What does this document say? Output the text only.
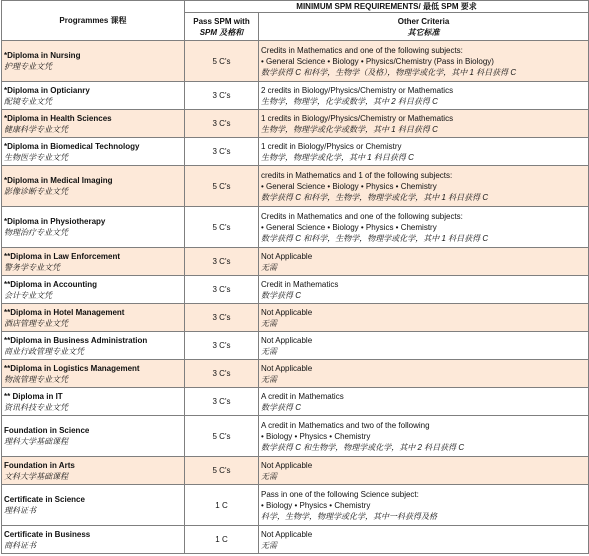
Programmes 课程	MINIMUM SPM REQUIREMENTS/ 最低 SPM 要求	

	Pass SPM with
SPM 及格和	Other Criteria
其它标准

*Diploma in Nursing
护理专业文凭	5 C's	Credits in Mathematics and one of the following subjects:
• General Science • Biology • Physics/Chemistry (Pass in Biology)
数学获得 C 和科学，生物学（及格），物理学或化学，其中 1 科目获得 C

*Diploma in Opticianry
配镜专业文凭	3 C's	2 credits in Biology/Physics/Chemistry or Mathematics
生物学，物理学，化学或数学，其中 2 科目获得 C

*Diploma in Health Sciences
健康科学专业文凭	3 C's	1 credits in Biology/Physics/Chemistry or Mathematics
生物学，物理学或化学或数学，其中 1 科目获得 C

*Diploma in Biomedical Technology
生物医学专业文凭	3 C's	1 credit in Biology/Physics or Chemistry
生物学，物理学或化学，其中 1 科目获得 C

*Diploma in Medical Imaging
影像诊断专业文凭	5 C's	credits in Mathematics and 1 of the following subjects:
• General Science • Biology • Physics • Chemistry
数学获得 C 和科学，生物学，物理学或化学，其中 1 科目获得 C

*Diploma in Physiotherapy
物理治疗专业文凭	5 C's	Credits in Mathematics and one of the following subjects:
• General Science • Biology • Physics • Chemistry
数学获得 C 和科学，生物学，物理学或化学，其中 1 科目获得 C

**Diploma in Law Enforcement
警务学专业文凭	3 C's	Not Applicable
无需

**Diploma in Accounting
会计专业文凭	3 C's	Credit in Mathematics
数学获得 C

**Diploma in Hotel Management
酒店管理专业文凭	3 C's	Not Applicable
无需

**Diploma in Business Administration
商业行政管理专业文凭	3 C's	Not Applicable
无需

**Diploma in Logistics Management
物流管理专业文凭	3 C's	Not Applicable
无需

** Diploma in IT
资讯科技专业文凭	3 C's	A credit in Mathematics
数学获得 C

Foundation in Science
理科大学基础课程	5 C's	A credit in Mathematics and two of the following
• Biology • Physics • Chemistry
数学获得 C 和生物学，物理学或化学，其中 2 科目获得 C

Foundation in Arts
文科大学基础课程	5 C's	Not Applicable
无需

Certificate in Science
理科证书	1 C	Pass in one of the following Science subject:
• Biology • Physics • Chemistry
科学，生物学，物理学或化学，其中一科获得及格

Certificate in Business
商科证书	1 C	Not Applicable
无需
